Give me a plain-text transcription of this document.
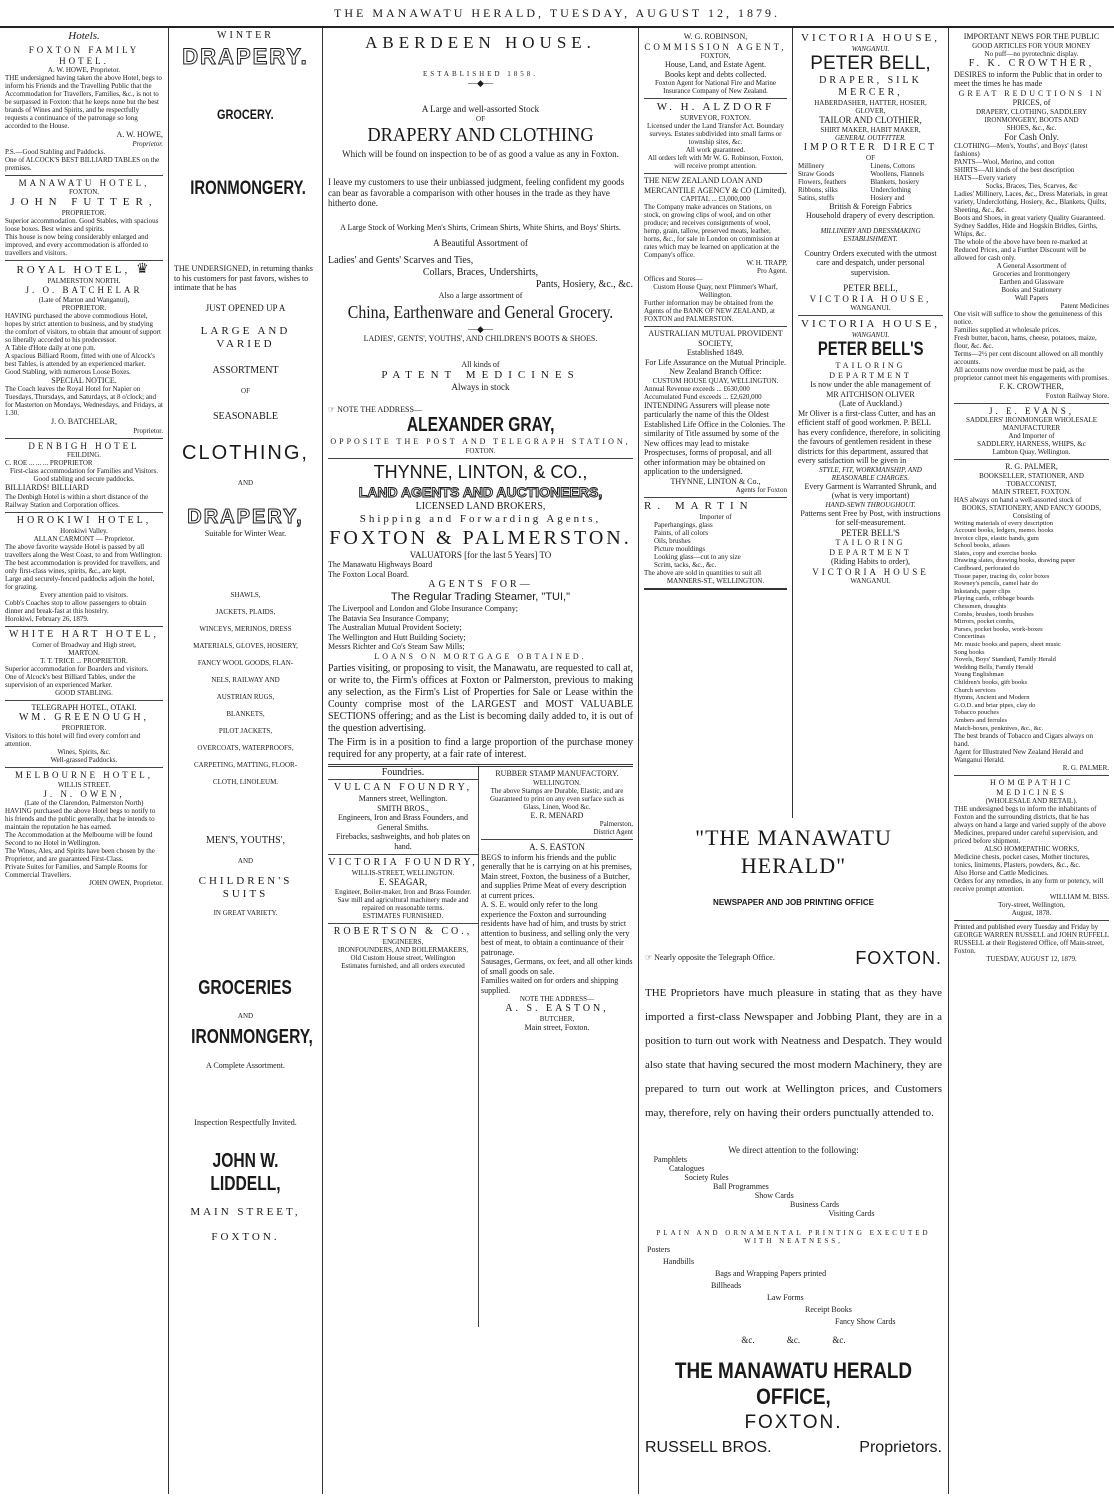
THE MANAWATU HERALD, TUESDAY, AUGUST 12, 1879.
Hotels.
FOXTON FAMILY HOTEL.
A. W. HOWE, Proprietor.

THE undersigned having taken the above Hotel, begs to inform his Friends and the Travelling Public that the Accommodation for Travellers, Families, &c., is not to be surpassed in Foxton: that he keeps none but the best brands of Wines and Spirits, and he respectfully requests a continuance of the patronage so long accorded to the House.

A. W. HOWE,
Proprietor.

P.S.—Good Stabling and Paddocks.

One of ALCOCK'S BEST BILLIARD TABLES on the premises.

MANAWATU HOTEL,
FOXTON.
JOHN FUTTER,
PROPRIETOR.

Superior accommodation. Good Stables, with spacious loose boxes. Best wines and spirits.

This house is now being considerably enlarged and improved, and every accommodation is afforded to travellers and visitors.

ROYAL HOTEL, ♛
PALMERSTON NORTH.
J. O. BATCHELAR
(Late of Marton and Wanganui),
PROPRIETOR.

HAVING purchased the above commodious Hotel, hopes by strict attention to business, and by studying the comfort of visitors, to obtain that amount of support so liberally accorded to his predecessor.

A Table d'Hote daily at one p.m.

A spacious Billiard Room, fitted with one of Alcock's best Tables, is attended by an experienced marker.

Good Stabling, with numerous Loose Boxes.

SPECIAL NOTICE.

The Coach leaves the Royal Hotel for Napier on Tuesdays, Thursdays, and Saturdays, at 8 o'clock; and for Masterton on Mondays, Wednesdays, and Fridays, at 1.30.

J. O. BATCHELAR,
Proprietor.
DENBIGH HOTEL
FEILDING.
C. ROE ... ... ... PROPRIETOR

First-class accommodation for Families and Visitors.

Good stabling and secure paddocks.

BILLIARDS! BILLIARD

The Denbigh Hotel is within a short distance of the Railway Station and Corporation offices.

HOROKIWI HOTEL,
Horokiwi Valley.
ALLAN CARMONT — Proprietor.

The above favorite wayside Hotel is passed by all travellers along the West Coast, to and from Wellington. The best accommodation is provided for travellers, and only first-class wines, spirits, &c., are kept.

Large and securely-fenced paddocks adjoin the hotel, for grazing.

Every attention paid to visitors.

Cobb's Coaches stop to allow passengers to obtain dinner and break-fast at this hostelry.

Horokiwi, February 26, 1879.
WHITE HART HOTEL,
Corner of Broadway and High street,
MARTON.
T. T. TRICE ... PROPRIETOR.

Superior accommodation for Boarders and visitors.

One of Alcock's best Billiard Tables, under the supervision of an experienced Marker.

GOOD STABLING.
TELEGRAPH HOTEL, OTAKI.
WM. GREENOUGH,
PROPRIETOR.

Visitors to this hotel will find every comfort and attention.

Wines, Spirits, &c.

Well-grassed Paddocks.

MELBOURNE HOTEL,
WILLIS STREET.
J. N. OWEN,
(Late of the Clarendon, Palmerston North)

HAVING purchased the above Hotel begs to notify to his friends and the public generally, that he intends to maintain the reputation he has earned.

The Accommodation at the Melbourne will be found Second to no Hotel in Wellington.

The Wines, Ales, and Spirits have been chosen by the Proprietor, and are guaranteed First-Class.

Private Suites for Families, and Sample Rooms for Commercial Travellers.

JOHN OWEN, Proprietor.
WINTER
DRAPERY.
GROCERY.
IRONMONGERY.

THE UNDERSIGNED, in returning thanks to his customers for past favors, wishes to intimate that he has

JUST OPENED UP A
LARGE AND VARIED
ASSORTMENT
OF
SEASONABLE
CLOTHING,
AND
DRAPERY,
Suitable for Winter Wear.
SHAWLS,
JACKETS, PLAIDS,
WINCEYS, MERINOS, DRESS
MATERIALS, GLOVES, HOSIERY,
FANCY WOOL GOODS, FLAN-
NELS, RAILWAY AND
AUSTRIAN RUGS,
BLANKETS,
PILOT JACKETS,
OVERCOATS, WATERPROOFS,
CARPETING, MATTING, FLOOR-
CLOTH, LINOLEUM.
MEN'S, YOUTHS',
AND
CHILDREN'S SUITS
IN GREAT VARIETY.
GROCERIES
AND
IRONMONGERY,
A Complete Assortment.
Inspection Respectfully Invited.
JOHN W. LIDDELL,
MAIN STREET,
FOXTON.
ABERDEEN HOUSE.
ESTABLISHED 1858.
—◆—
A Large and well-assorted Stock
OF
DRAPERY AND CLOTHING

Which will be found on inspection to be of as good a value as any in Foxton.

I leave my customers to use their unbiassed judgment, feeling confident my goods can bear as favorable a comparison with other houses in the trade as they have hitherto done.

A Large Stock of Working Men's Shirts, Crimean Shirts, White Shirts, and Boys' Shirts.

A Beautiful Assortment of
Ladies' and Gents' Scarves and Ties,
Collars, Braces, Undershirts,
Pants, Hosiery, &c., &c.
Also a large assortment of
China, Earthenware and General Grocery.
—◆—
LADIES', GENTS', YOUTHS', AND CHILDREN'S BOOTS & SHOES.
All kinds of
PATENT MEDICINES
Always in stock
☞ NOTE THE ADDRESS—
ALEXANDER GRAY,
OPPOSITE THE POST AND TELEGRAPH STATION,
FOXTON.
THYNNE, LINTON, & CO.,
LAND AGENTS AND AUCTIONEERS,
LICENSED LAND BROKERS,
Shipping and Forwarding Agents,
FOXTON & PALMERSTON.
VALUATORS [for the last 5 Years] TO
The Manawatu Highways Board
The Foxton Local Board.
AGENTS FOR—
The Regular Trading Steamer, "TUI,"
The Liverpool and London and Globe Insurance Company;
The Batavia Sea Insurance Company;
The Australian Mutual Provident Society;
The Wellington and Hutt Building Society;
Messrs Richter and Co's Steam Saw Mills;
LOANS ON MORTGAGE OBTAINED.

Parties visiting, or proposing to visit, the Manawatu, are requested to call at, or write to, the Firm's offices at Foxton or Palmerston, previous to making any selection, as the Firm's List of Properties for Sale or Lease within the County comprise most of the LARGEST and MOST VALUABLE SECTIONS offering; and as the List is becoming daily added to, it is out of the question advertising.

The Firm is in a position to find a large proportion of the purchase money required for any property, at a fair rate of interest.

Foundries.
VULCAN FOUNDRY,
Manners street, Wellington.
SMITH BROS.,

Engineers, Iron and Brass Founders, and General Smiths.

Firebacks, sashweights, and hob plates on hand.

VICTORIA FOUNDRY,
WILLIS-STREET, WELLINGTON.
E. SEAGAR,

Engineer, Boiler-maker, Iron and Brass Founder.

Saw mill and agricultural machinery made and repaired on reasonable terms.

ESTIMATES FURNISHED.
ROBERTSON & CO.,
ENGINEERS,
IRONFOUNDERS, AND BOILERMAKERS,
Old Custom House street, Wellington
Estimates furnished, and all orders executed
RUBBER STAMP MANUFACTORY.
WELLINGTON.

The above Stamps are Durable, Elastic, and are Guaranteed to print on any even surface such as Glass, Linen, Wood &c.

E. R. MENARD
Palmerston,
District Agent
A. S. EASTON

BEGS to inform his friends and the public generally that he is carrying on at his premises, Main street, Foxton, the business of a Butcher, and supplies Prime Meat of every description at current prices.

A. S. E. would only refer to the long experience the Foxton and surrounding residents have had of him, and trusts by strict attention to business, and selling only the very best of meat, to obtain a continuance of their patronage.

Sausages, Germans, ox feet, and all other kinds of small goods on sale.

Families waited on for orders and shipping supplied.

NOTE THE ADDRESS—
A. S. EASTON,
BUTCHER,
Main street, Foxton.
W. G. ROBINSON,
COMMISSION AGENT,
FOXTON,
House, Land, and Estate Agent.
Books kept and debts collected.

Foxton Agent for National Fire and Marine Insurance Company of New Zealand.

W. H. ALZDORF
SURVEYOR, FOXTON.

Licensed under the Land Transfer Act. Boundary surveys. Estates subdivided into small farms or township sites, &c.

All work guaranteed.

All orders left with Mr W. G. Robinson, Foxton, will receive prompt attention.

THE NEW ZEALAND LOAN AND MERCANTILE AGENCY & CO (Limited).
CAPITAL ... £3,000,000

The Company make advances on Stations, on stock, on growing clips of wool, and on other produce; and receives consignments of wool, hemp, grain, tallow, preserved meats, leather, horns, &c., for sale in London on commission at rates which may be learned on application at the Company's office.

W. H. TRAPP,
Pro Agent.
Offices and Stores—
Custom House Quay, next Plimmer's Wharf, Wellington.

Further information may be obtained from the Agents of the BANK OF NEW ZEALAND, at FOXTON and PALMERSTON.

AUSTRALIAN MUTUAL PROVIDENT SOCIETY,
Established 1849.
For Life Assurance on the Mutual Principle.
New Zealand Branch Office:
CUSTOM HOUSE QUAY, WELLINGTON.
Annual Revenue exceeds ... £630,000
Accumulated Fund exceeds ... £2,620,000

INTENDING Assurers will please note particularly the name of this the Oldest Established Life Office in the Colonies. The similarity of Title assumed by some of the New offices may lead to mistake

Prospectuses, forms of proposal, and all other information may be obtained on application to the undersigned.

THYNNE, LINTON & Co.,
Agents for Foxton
R. MARTIN
Importer of
Paperhangings, glass
Paints, of all colors
Oils, brushes
Picture mouldings
Looking glass—cut to any size
Scrim, tacks, &c., &c.
The above are sold in quantities to suit all
MANNERS-ST., WELLINGTON.
"THE MANAWATU HERALD"
NEWSPAPER AND JOB PRINTING OFFICE
☞ Nearly opposite the Telegraph Office.	FOXTON.

THE Proprietors have much pleasure in stating that as they have imported a first-class Newspaper and Jobbing Plant, they are in a position to turn out work with Neatness and Despatch. They would also state that having secured the most modern Machinery, they are prepared to turn out work at Wellington prices, and Customers may, therefore, rely on having their orders punctually attended to.

We direct attention to the following:
Pamphlets
Catalogues
Society Rules
Ball Programmes
Show Cards
Business Cards
Visiting Cards
PLAIN AND ORNAMENTAL PRINTING EXECUTED WITH NEATNESS,
Posters
Handbills
Bags and Wrapping Papers printed
Billheads
Law Forms
Receipt Books
Fancy Show Cards
&c. &c. &c.
THE MANAWATU HERALD OFFICE,
FOXTON.
RUSSELL BROS.	Proprietors.
VICTORIA HOUSE,
WANGANUI.
PETER BELL,
DRAPER, SILK MERCER,
HABERDASHER, HATTER, HOSIER,
GLOVER,
TAILOR AND CLOTHIER,
SHIRT MAKER, HABIT MAKER,
GENERAL OUTFITTER.
IMPORTER DIRECT
OF
Millinery	Linens, Cottons
Straw Goods	Woollens, Flannels
Flowers, feathers	Blankets, hosiery
Ribbons, silks	Underclothing
Satins, stuffs	Hosiery and
British & Foreign Fabrics
Household drapery of every description.
MILLINERY AND DRESSMAKING ESTABLISHMENT.

Country Orders executed with the utmost care and despatch, under personal supervision.

PETER BELL,
VICTORIA HOUSE,
WANGANUI.
VICTORIA HOUSE,
WANGANUI.
PETER BELL'S
TAILORING DEPARTMENT
Is now under the able management of
MR AITCHISON OLIVER
(Late of Auckland.)

Mr Oliver is a first-class Cutter, and has an efficient staff of good workmen. P. BELL has every confidence, therefore, in soliciting the favours of gentlemen resident in these districts for this department, assured that every satisfaction will be given in

STYLE, FIT, WORKMANSHIP, AND
REASONABLE CHARGES.

Every Garment is Warranted Shrunk, and (what is very important)

HAND-SEWN THROUGHOUT.

Patterns sent Free by Post, with instructions for self-measurement.

PETER BELL'S
TAILORING DEPARTMENT
(Riding Habits to order),
VICTORIA HOUSE
WANGANUI.
IMPORTANT NEWS FOR THE PUBLIC
GOOD ARTICLES FOR YOUR MONEY
No puff—no pyrotechnic display.
F. K. CROWTHER,

DESIRES to inform the Public that in order to meet the times he has made

GREAT REDUCTIONS IN
PRICES, of
DRAPERY, CLOTHING, SADDLERY
IRONMONGERY, BOOTS AND
SHOES, &c., &c.
For Cash Only.

CLOTHING—Men's, Youths', and Boys' (latest fashions)

PANTS—Wool, Merino, and cotton

SHIRTS—All kinds of the best description

HATS—Every variety

Socks, Braces, Ties, Scarves, &c

Ladies' Millinery, Laces, &c., Dress Materials, in great variety, Underclothing, Hosiery, &c., Blankets, Quilts, Sheeting, &c., &c.

Boots and Shoes, in great variety Quality Guaranteed. Sydney Saddles, Hide and Hogskin Bridles, Girths, Whips, &c.

The whole of the above have been re-marked at Reduced Prices, and a Further Discount will be allowed for cash only.

A General Assortment of
Groceries and Ironmongery
Earthen and Glassware
Books and Stationery
Wall Papers
Patent Medicines

One visit will suffice to show the genuineness of this notice.

Families supplied at wholesale prices.

Fresh butter, bacon, hams, cheese, potatoes, maize, flour, &c. &c.

Terms—2½ per cent discount allowed on all monthly accounts.

All accounts now overdue must be paid, as the proprietor cannot meet his engagements with promises.

F. K. CROWTHER,
Foxton Railway Store.
J. E. EVANS,
SADDLERS' IRONMONGER WHOLESALE MANUFACTURER
And Importer of
SADDLERY, HARNESS, WHIPS, &c
Lambton Quay, Wellington.
R. G. PALMER,
BOOKSELLER, STATIONER, AND TOBACCONIST,
MAIN STREET, FOXTON.

HAS always on hand a well-assorted stock of

BOOKS, STATIONERY, AND FANCY GOODS,
Consisting of
Writing materials of every description
Account books, ledgers, memo. books
Invoice clips, elastic bands, gum
School books, atlases
Slates, copy and exercise books
Drawing slates, drawing books, drawing paper
Cardboard, perforated do
Tissue paper, tracing do, color boxes
Rowney's pencils, camel hair do
Inkstands, paper clips
Playing cards, cribbage boards
Chessmen, draughts
Combs, brushes, tooth brushes
Mirrors, pocket combs,
Purses, pocket books, work-boxes
Concertinas
Mr. music books and papers, sheet music
Song books
Novels, Boys' Standard, Family Herald
Wedding Bells, Family Herald
Young Englishman
Children's books, gift books
Church services
Hymns, Ancient and Modern
G.O.D. and briar pipes, clay do
Tobacco pouches
Ambers and ferrules
Match-boxes, penknives, &c., &c.

The best brands of Tobacco and Cigars always on hand.

Agent for Illustrated New Zealand Herald and Wanganui Herald.

R. G. PALMER.
HOMŒPATHIC MEDICINES
(WHOLESALE AND RETAIL).

THE undersigned begs to inform the inhabitants of Foxton and the surrounding districts, that he has always on hand a large and varied supply of the above Medicines, prepared under careful supervision, and priced before shipment.

ALSO HOMŒPATHIC WORKS,

Medicine chests, pocket cases, Mother tinctures, tonics, liniments, Plasters, powders, &c., &c.

Also Horse and Cattle Medicines.

Orders for any remedies, in any form or potency, will receive prompt attention.

WILLIAM M. BISS.
Tory-street, Wellington,
August, 1878.

Printed and published every Tuesday and Friday by GEORGE WARREN RUSSELL and JOHN RUFFELL RUSSELL at their Registered Office, off Main-street, Foxton.

TUESDAY, AUGUST 12, 1879.
